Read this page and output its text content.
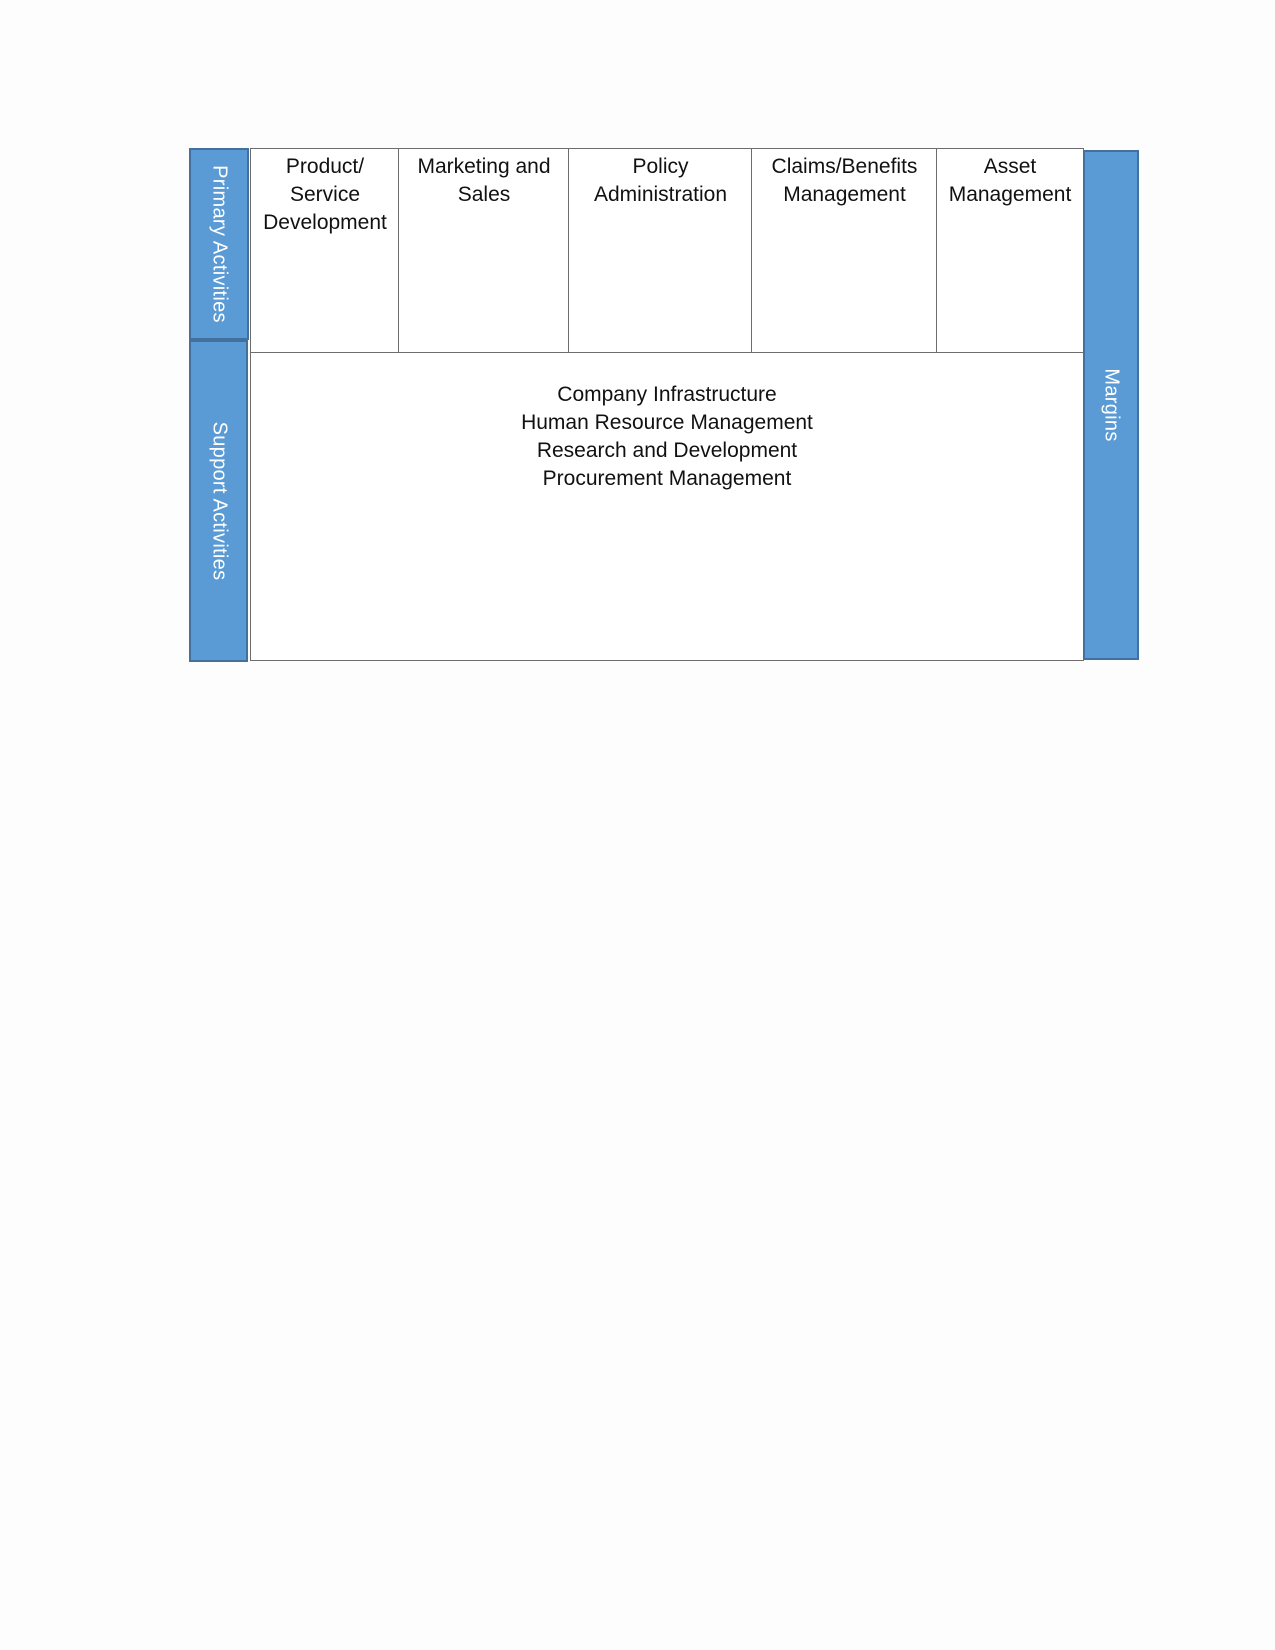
Primary Activities
Support Activities
Product/
Service
Development
Marketing and
Sales
Policy
Administration
Claims/Benefits
Management
Asset
Management
Company Infrastructure
Human Resource Management
Research and Development
Procurement Management
Margins
